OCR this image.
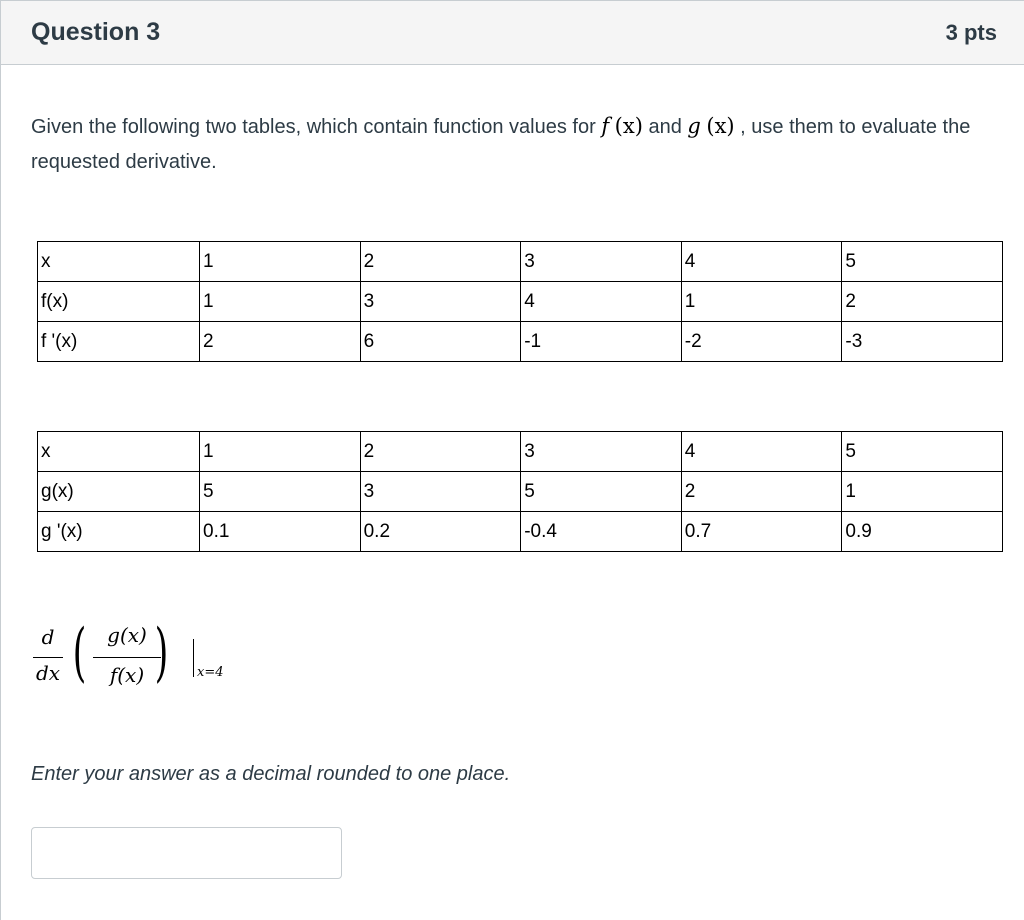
Question 3	3 pts
Given the following two tables, which contain function values for f (x) and g (x) , use them to evaluate the requested derivative.
x	1	2	3	4	5
f(x)	1	3	4	1	2
f '(x)	2	6	-1	-2	-3
x	1	2	3	4	5
g(x)	5	3	5	2	1
g '(x)	0.1	0.2	-0.4	0.7	0.9
d
dx (	g(x)
f(x) ) x=4
Enter your answer as a decimal rounded to one place.
